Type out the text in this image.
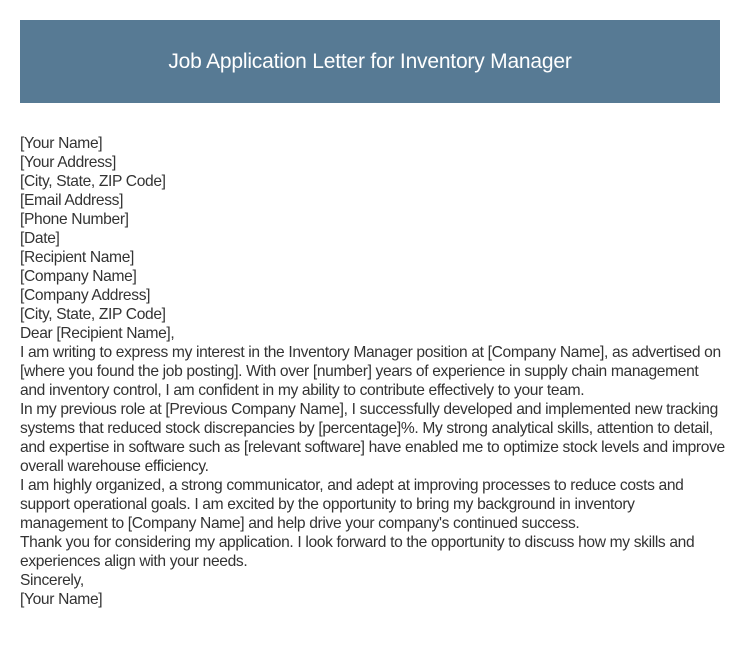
Job Application Letter for Inventory Manager
[Your Name]
[Your Address]
[City, State, ZIP Code]
[Email Address]
[Phone Number]
[Date]
[Recipient Name]
[Company Name]
[Company Address]
[City, State, ZIP Code]
Dear [Recipient Name],

I am writing to express my interest in the Inventory Manager position at [Company Name], as advertised on [where you found the job posting]. With over [number] years of experience in supply chain management and inventory control, I am confident in my ability to contribute effectively to your team.

In my previous role at [Previous Company Name], I successfully developed and implemented new tracking systems that reduced stock discrepancies by [percentage]%. My strong analytical skills, attention to detail, and expertise in software such as [relevant software] have enabled me to optimize stock levels and improve overall warehouse efficiency.

I am highly organized, a strong communicator, and adept at improving processes to reduce costs and support operational goals. I am excited by the opportunity to bring my background in inventory management to [Company Name] and help drive your company's continued success.

Thank you for considering my application. I look forward to the opportunity to discuss how my skills and experiences align with your needs.

Sincerely,
[Your Name]
